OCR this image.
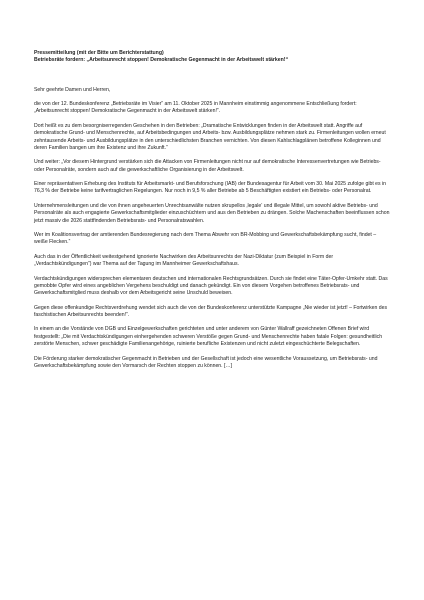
Pressemitteilung (mit der Bitte um Berichterstattung)
Betriebsräte fordern: „Arbeitsunrecht stoppen! Demokratische Gegenmacht in der Arbeitswelt stärken!“
Sehr geehrte Damen und Herren,

die von der 12. Bundeskonferenz „Betriebsräte im Visier“ am 11. Oktober 2025 in Mannheim einstimmig angenommene Entschließung fordert: „Arbeitsunrecht stoppen! Demokratische Gegenmacht in der Arbeitswelt stärken!“.

Dort heißt es zu dem besorgniserregenden Geschehen in den Betrieben: „Dramatische Entwicklungen finden in der Arbeitswelt statt. Angriffe auf demokratische Grund- und Menschenrechte, auf Arbeitsbedingungen und Arbeits- bzw. Ausbildungsplätze nehmen stark zu. Firmenleitungen wollen erneut zehntausende Arbeits- und Ausbildungsplätze in den unterschiedlichsten Branchen vernichten. Von diesen Kahlschlagplänen betroffene Kolleginnen und deren Familien bangen um ihre Existenz und ihre Zukunft.“

Und weiter: „Vor diesem Hintergrund verstärken sich die Attacken von Firmenleitungen nicht nur auf demokratische Interessenvertretungen wie Betriebs- oder Personalräte, sondern auch auf die gewerkschaftliche Organisierung in der Arbeitswelt.

Einer repräsentativen Erhebung des Instituts für Arbeitsmarkt- und Berufsforschung (IAB) der Bundesagentur für Arbeit vom 30. Mai 2025 zufolge gibt es in 76,3 % der Betriebe keine tarifvertraglichen Regelungen. Nur noch in 9,5 % aller Betriebe ab 5 Beschäftigten existiert ein Betriebs- oder Personalrat.

Unternehmensleitungen und die von ihnen angeheuerten Unrechtsanwälte nutzen skrupellos ‚legale‘ und illegale Mittel, um sowohl aktive Betriebs- und Personalräte als auch engagierte Gewerkschaftsmitglieder einzuschüchtern und aus den Betrieben zu drängen. Solche Machenschaften beeinflussen schon jetzt massiv die 2026 stattfindenden Betriebsrats- und Personalratswahlen.

Wer im Koalitionsvertrag der amtierenden Bundesregierung nach dem Thema Abwehr von BR-Mobbing und Gewerkschaftsbekämpfung sucht, findet – weiße Flecken.“

Auch das in der Öffentlichkeit weitestgehend ignorierte Nachwirken des Arbeitsunrechts der Nazi-Diktatur (zum Beispiel in Form der „Verdachtskündigungen“) war Thema auf der Tagung im Mannheimer Gewerkschaftshaus.

Verdachtskündigungen widersprechen elementaren deutschen und internationalen Rechtsgrundsätzen. Durch sie findet eine Täter-Opfer-Umkehr statt. Das gemobbte Opfer wird eines angeblichen Vergehens beschuldigt und danach gekündigt. Ein von diesem Vorgehen betroffenes Betriebsrats- und Gewerkschaftsmitglied muss deshalb vor dem Arbeitsgericht seine Unschuld beweisen.

Gegen diese offenkundige Rechtsverdrehung wendet sich auch die von der Bundeskonferenz unterstützte Kampagne „Nie wieder ist jetzt! – Fortwirken des faschistischen Arbeitsunrechts beenden!“.

In einem an die Vorstände von DGB und Einzelgewerkschaften gerichteten und unter anderem von Günter Wallraff gezeichneten Offenen Brief wird festgestellt: „Die mit Verdachtskündigungen einhergehenden schweren Verstöße gegen Grund- und Menschenrechte haben fatale Folgen: gesundheitlich zerstörte Menschen, schwer geschädigte Familienangehörige, ruinierte berufliche Existenzen und nicht zuletzt eingeschüchterte Belegschaften.

Die Förderung starker demokratischer Gegenmacht in Betrieben und der Gesellschaft ist jedoch eine wesentliche Voraussetzung, um Betriebsrats- und Gewerkschaftsbekämpfung sowie den Vormarsch der Rechten stoppen zu können. […]
